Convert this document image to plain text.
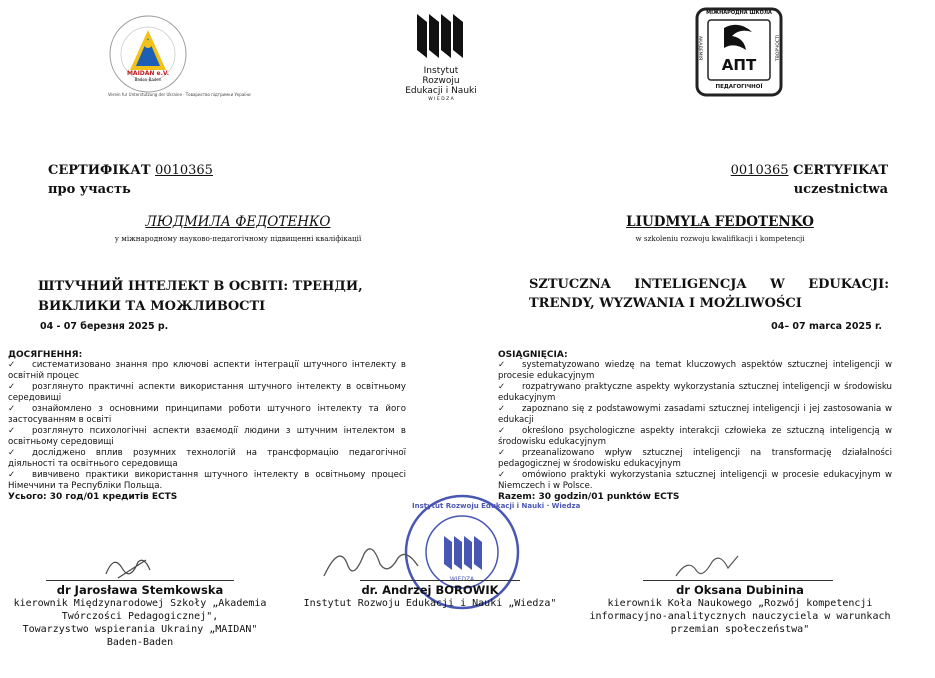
MAIDAN e.V.
Baden-Baden
Verein fur Unterstutzung der Ukraine · Товариство підтримки України
Instytut Rozwoju
Edukacji i Nauki
W I E D Z A
МІЖНАРОДНА ШКОЛА
АПТ
АКАДЕМІЯ	ТВОРЧОСТІ
ПЕДАГОГІЧНОЇ
СЕРТИФІКАТ 0010365
про участь
ЛЮДМИЛА ФЕДОТЕНКО
у міжнародному науково-педагогічному підвищенні кваліфікації
ШТУЧНИЙ ІНТЕЛЕКТ В ОСВІТІ: ТРЕНДИ,
ВИКЛИКИ ТА МОЖЛИВОСТІ
04 - 07 березня 2025 р.
0010365 CERTYFIKAT
uczestnictwa
LIUDMYLA FEDOTENKO
w szkoleniu rozwoju kwalifikacji i kompetencji
SZTUCZNA INTELIGENCJA W EDUKACJI:
TRENDY, WYZWANIA I MOŻLIWOŚCI
04– 07 marca 2025 r.
ДОСЯГНЕННЯ:
✓ систематизовано знання про ключові аспекти інтеграції штучного інтелекту в освітній процес
✓ розглянуто практичні аспекти використання штучного інтелекту в освітньому середовищі
✓ ознайомлено з основними принципами роботи штучного інтелекту та його застосуванням в освіті
✓ розглянуто психологічні аспекти взаємодії людини з штучним інтелектом в освітньому середовищі
✓ досліджено вплив розумних технологій на трансформацію педагогічної діяльності та освітнього середовища
✓ вивчивено практики використання штучного інтелекту в освітньому процесі Німеччини та Республіки Польща.
Усього: 30 год/01 кредитів ECTS
OSIĄGNIĘCIA:
✓ systematyzowano wiedzę na temat kluczowych aspektów sztucznej inteligencji w procesie edukacyjnym
✓ rozpatrywano praktyczne aspekty wykorzystania sztucznej inteligencji w środowisku edukacyjnym
✓ zapoznano się z podstawowymi zasadami sztucznej inteligencji i jej zastosowania w edukacji
✓ określono psychologiczne aspekty interakcji człowieka ze sztuczną inteligencją w środowisku edukacyjnym
✓ przeanalizowano wpływ sztucznej inteligencji na transformację działalności pedagogicznej w środowisku edukacyjnym
✓ omówiono praktyki wykorzystania sztucznej inteligencji w procesie edukacyjnym w Niemczech i w Polsce.
Razem: 30 godzin/01 punktów ECTS
Instytut Rozwoju Edukacji i Nauki · Wiedza
WIEDZA
dr Jarosława Stemkowska
kierownik Międzynarodowej Szkoły „Akademia
Twórczości Pedagogicznej",
Towarzystwo wspierania Ukrainy „MAIDAN"
Baden-Baden
dr. Andrzej BOROWIK
Instytut Rozwoju Edukacji i Nauki „Wiedza"
dr Oksana Dubinina
kierownik Koła Naukowego „Rozwój kompetencji
informacyjno-analitycznych nauczyciela w warunkach
przemian społeczeństwa"
